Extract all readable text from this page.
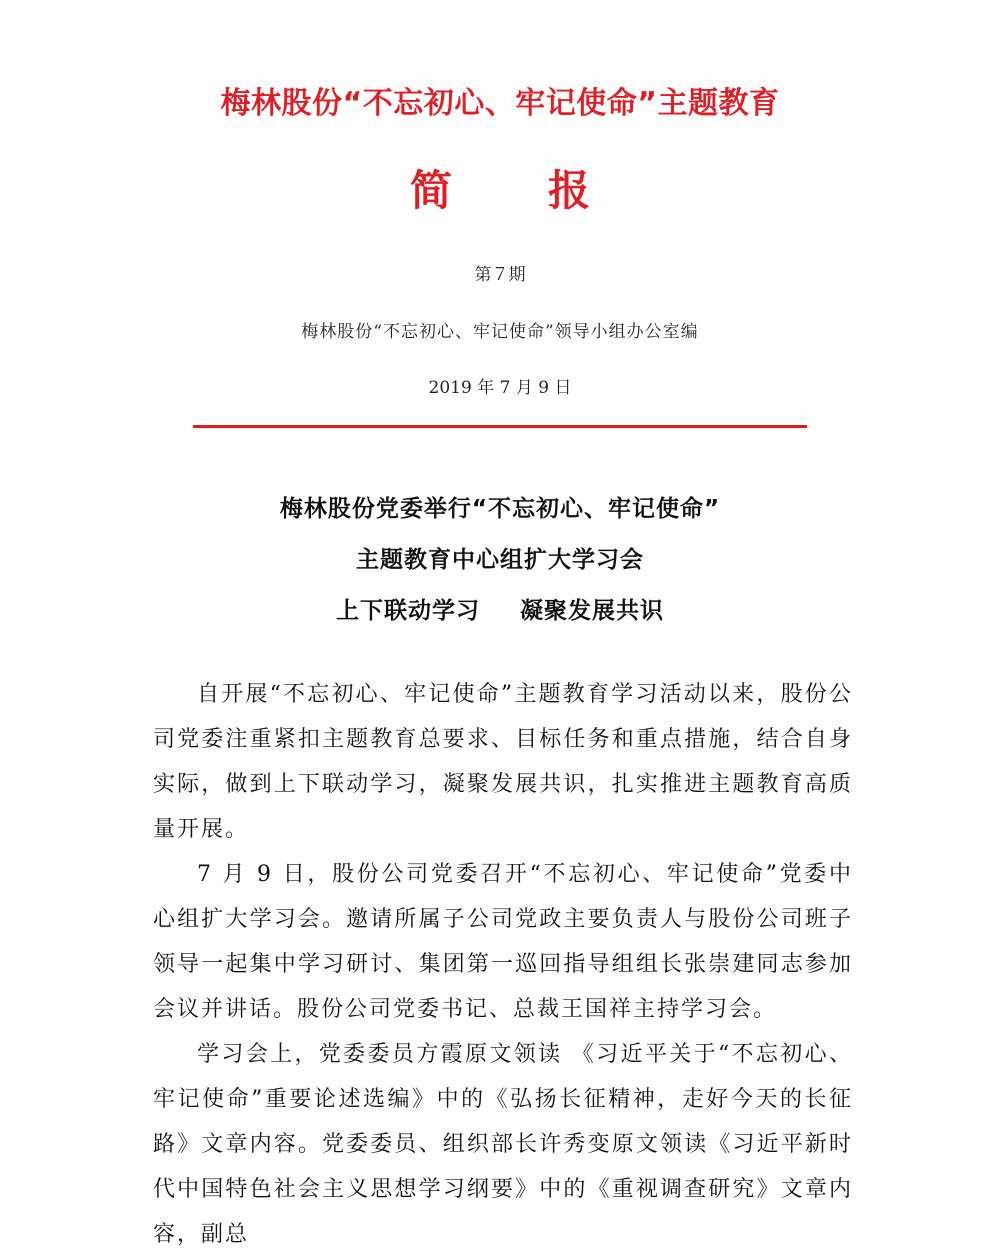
梅林股份“不忘初心、牢记使命”主题教育
简 报
第７期
梅林股份“不忘初心、牢记使命”领导小组办公室编
2019 年 7 月 9 日
梅林股份党委举行“不忘初心、牢记使命”
主题教育中心组扩大学习会
上下联动学习 凝聚发展共识

自开展“不忘初心、牢记使命”主题教育学习活动以来，股份公司党委注重紧扣主题教育总要求、目标任务和重点措施，结合自身实际，做到上下联动学习，凝聚发展共识，扎实推进主题教育高质量开展。

7 月 9 日，股份公司党委召开“不忘初心、牢记使命”党委中心组扩大学习会。邀请所属子公司党政主要负责人与股份公司班子领导一起集中学习研讨、集团第一巡回指导组组长张崇建同志参加会议并讲话。股份公司党委书记、总裁王国祥主持学习会。

学习会上，党委委员方霞原文领读 《习近平关于“不忘初心、牢记使命”重要论述选编》中的《弘扬长征精神，走好今天的长征路》文章内容。党委委员、组织部长许秀变原文领读《习近平新时代中国特色社会主义思想学习纲要》中的《重视调查研究》文章内容，副总
